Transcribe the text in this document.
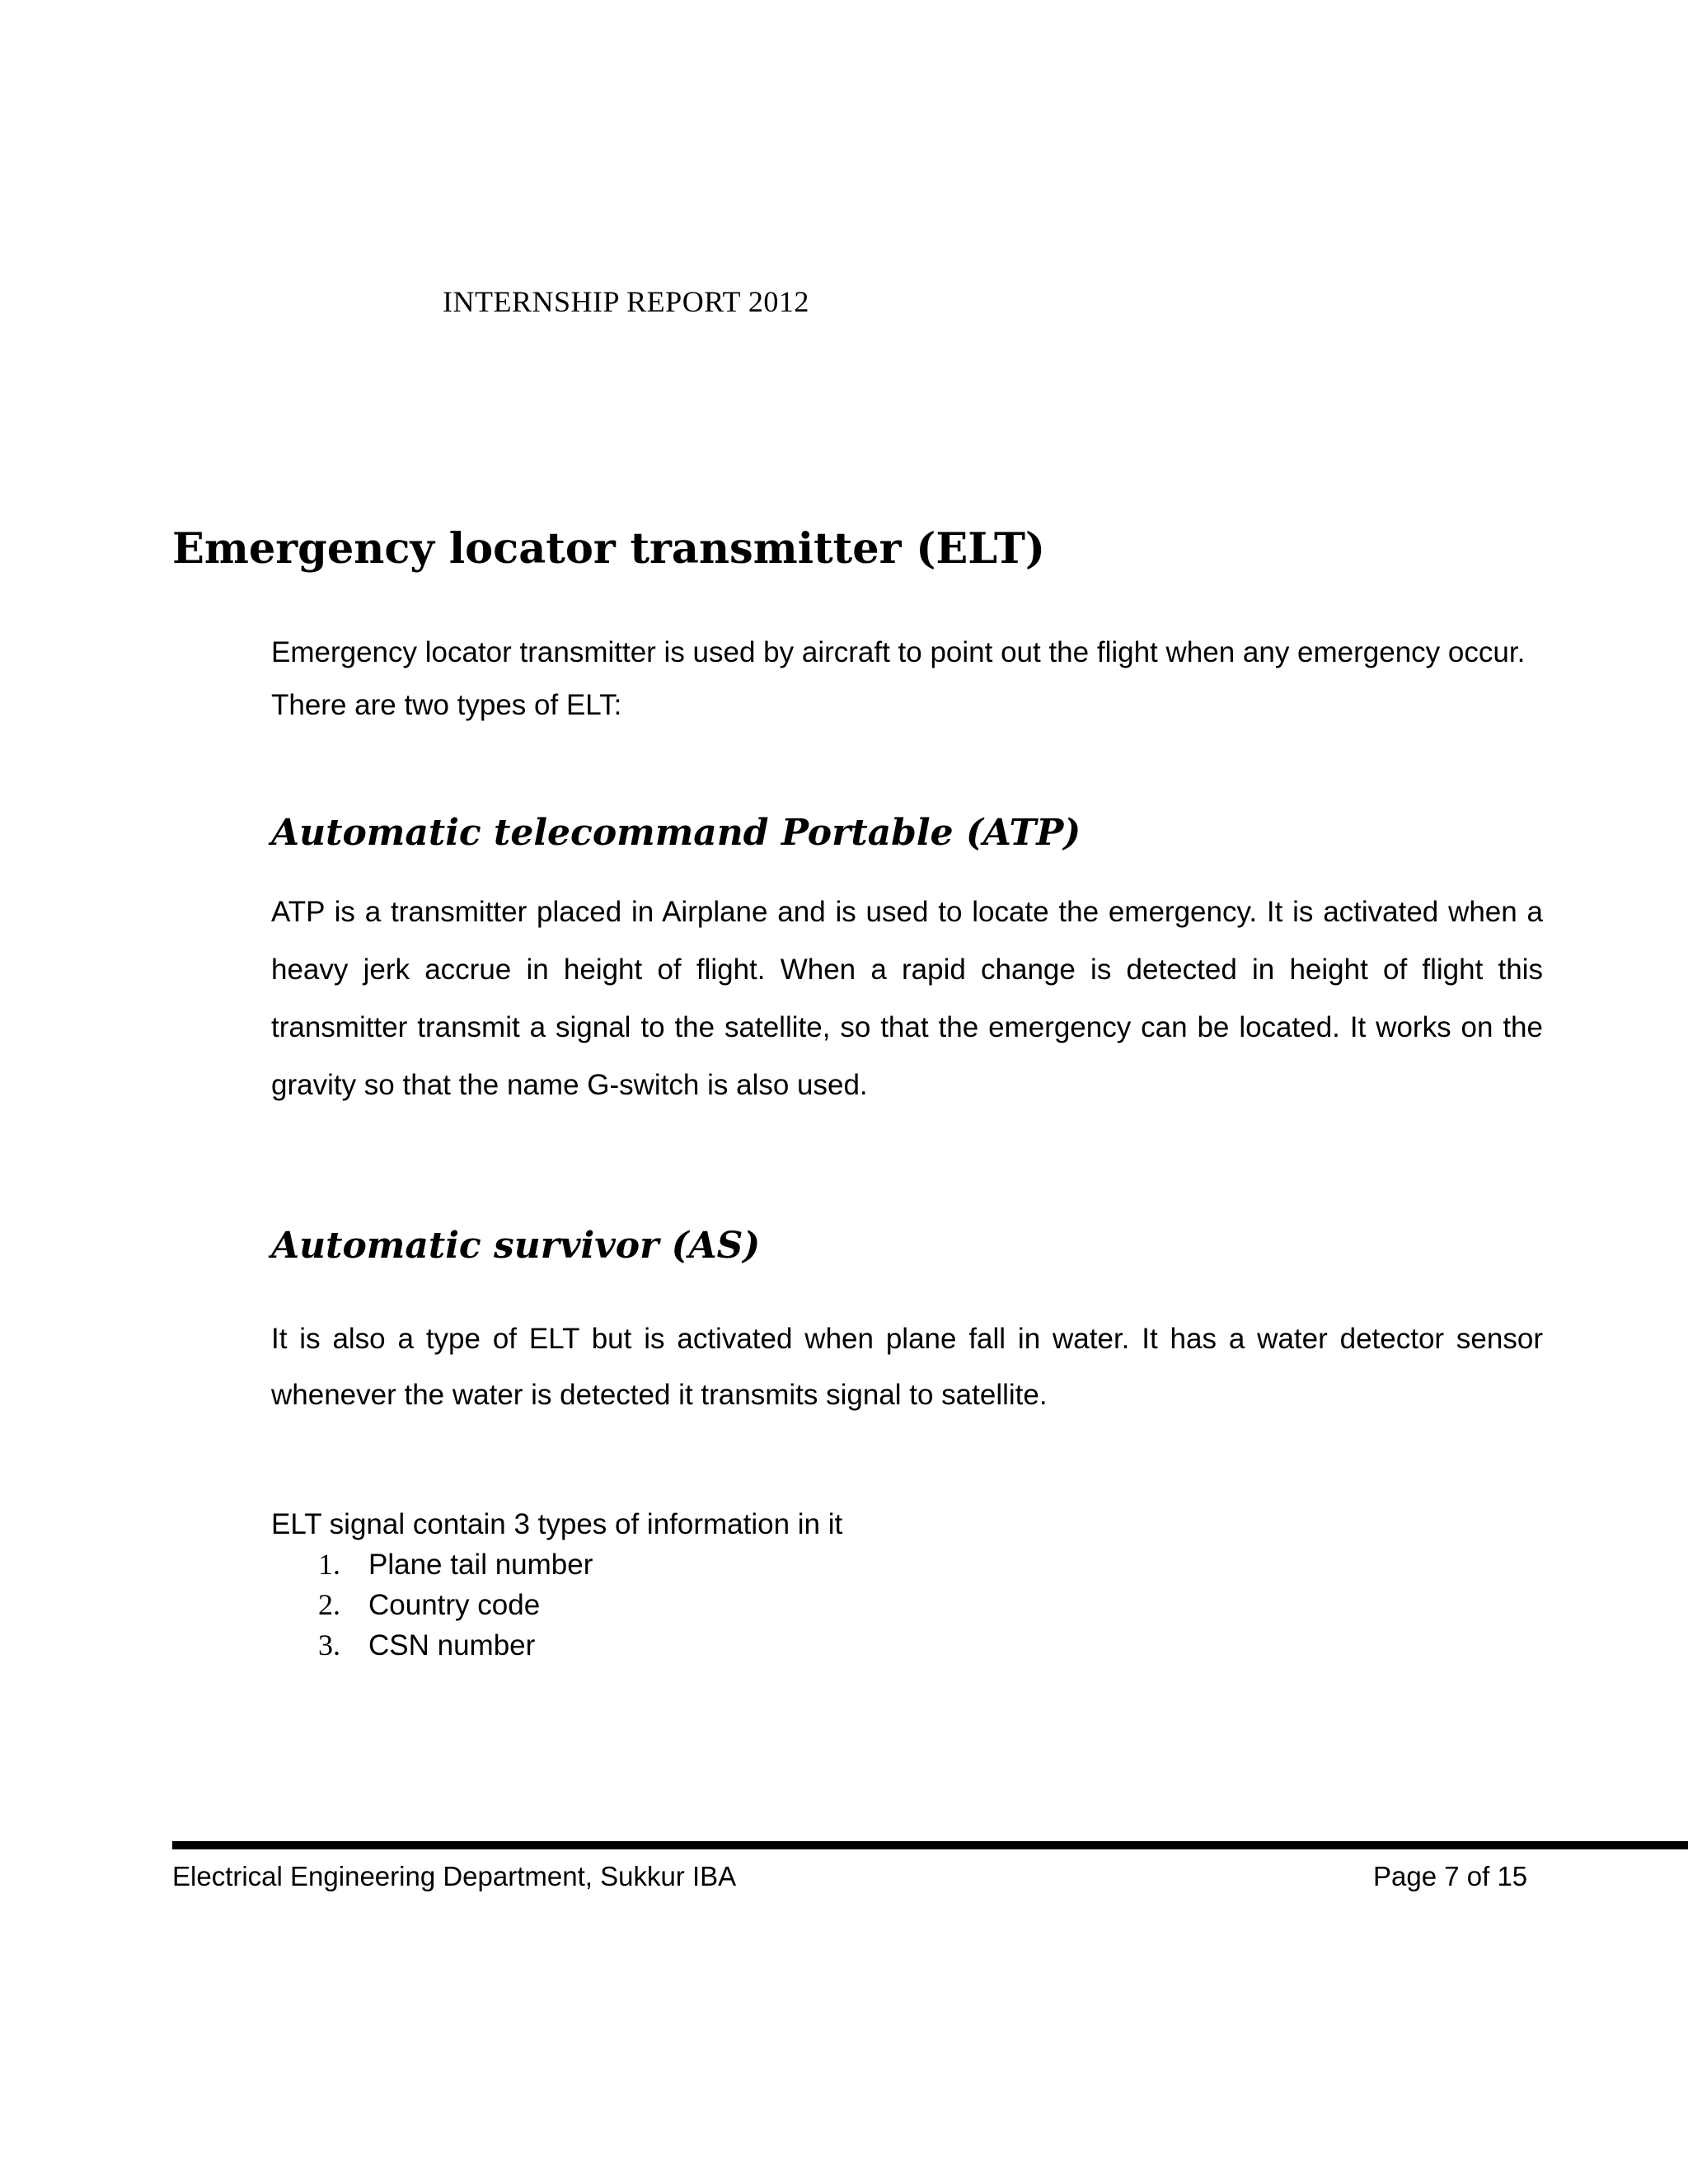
INTERNSHIP REPORT 2012
Emergency locator transmitter (ELT)

Emergency locator transmitter is used by aircraft to point out the flight when any emergency occur. There are two types of ELT:

Automatic telecommand Portable (ATP)

ATP is a transmitter placed in Airplane and is used to locate the emergency. It is activated when a heavy jerk accrue in height of flight. When a rapid change is detected in height of flight this transmitter transmit a signal to the satellite, so that the emergency can be located. It works on the gravity so that the name G-switch is also used.

Automatic survivor (AS)

It is also a type of ELT but is activated when plane fall in water. It has a water detector sensor whenever the water is detected it transmits signal to satellite.

ELT signal contain 3 types of information in it

1. Plane tail number
2. Country code
3. CSN number
Electrical Engineering Department, Sukkur IBA	Page 7 of 15
